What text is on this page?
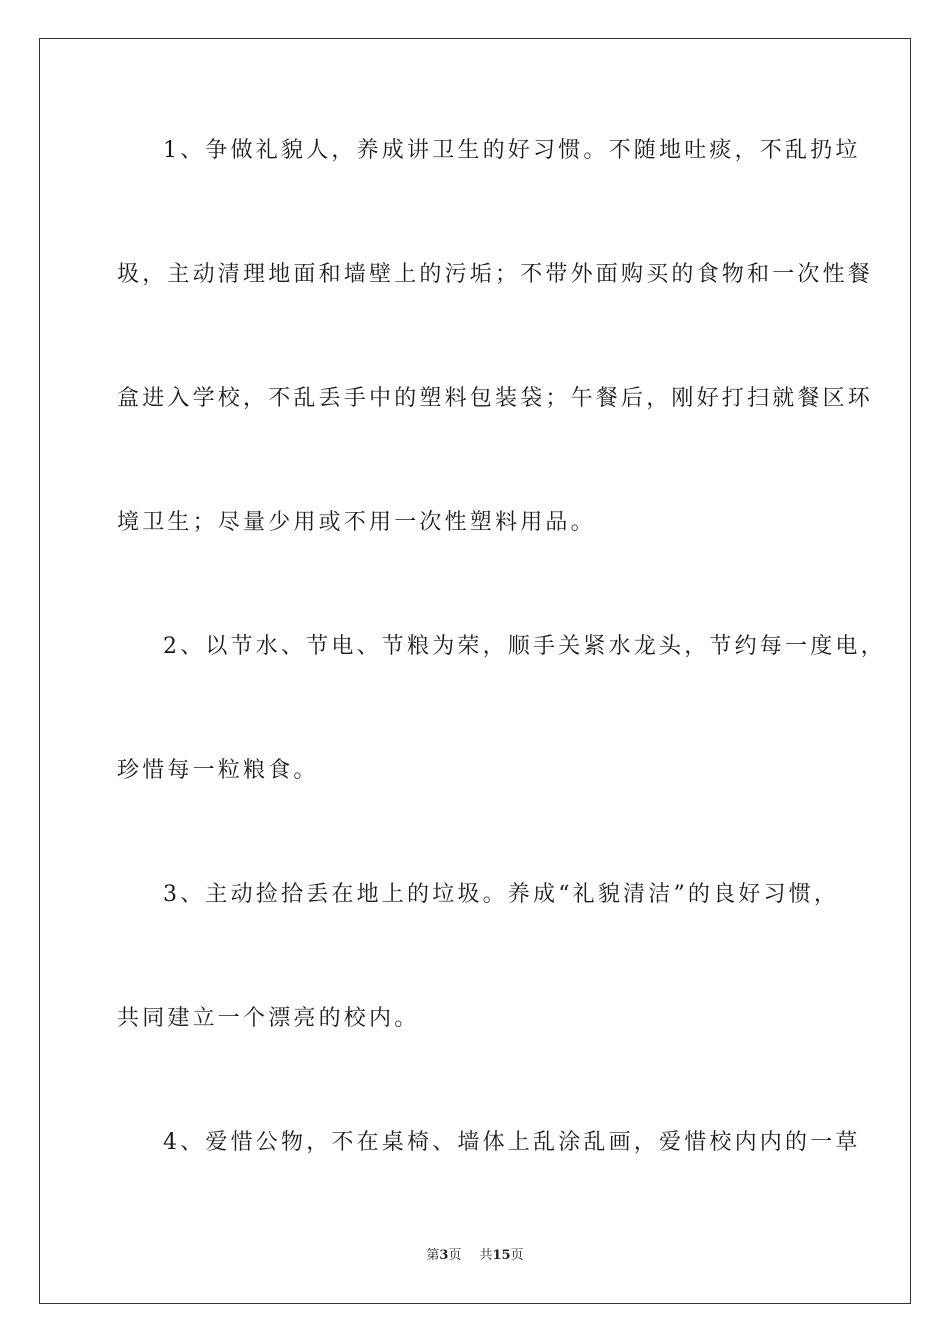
1、争做礼貌人，养成讲卫生的好习惯。不随地吐痰，不乱扔垃
圾，主动清理地面和墙壁上的污垢；不带外面购买的食物和一次性餐
盒进入学校，不乱丢手中的塑料包装袋；午餐后，刚好打扫就餐区环
境卫生；尽量少用或不用一次性塑料用品。
2、以节水、节电、节粮为荣，顺手关紧水龙头，节约每一度电，
珍惜每一粒粮食。
3、主动捡拾丢在地上的垃圾。养成“礼貌清洁”的良好习惯，
共同建立一个漂亮的校内。
4、爱惜公物，不在桌椅、墙体上乱涂乱画，爱惜校内内的一草
第3页 共15页
